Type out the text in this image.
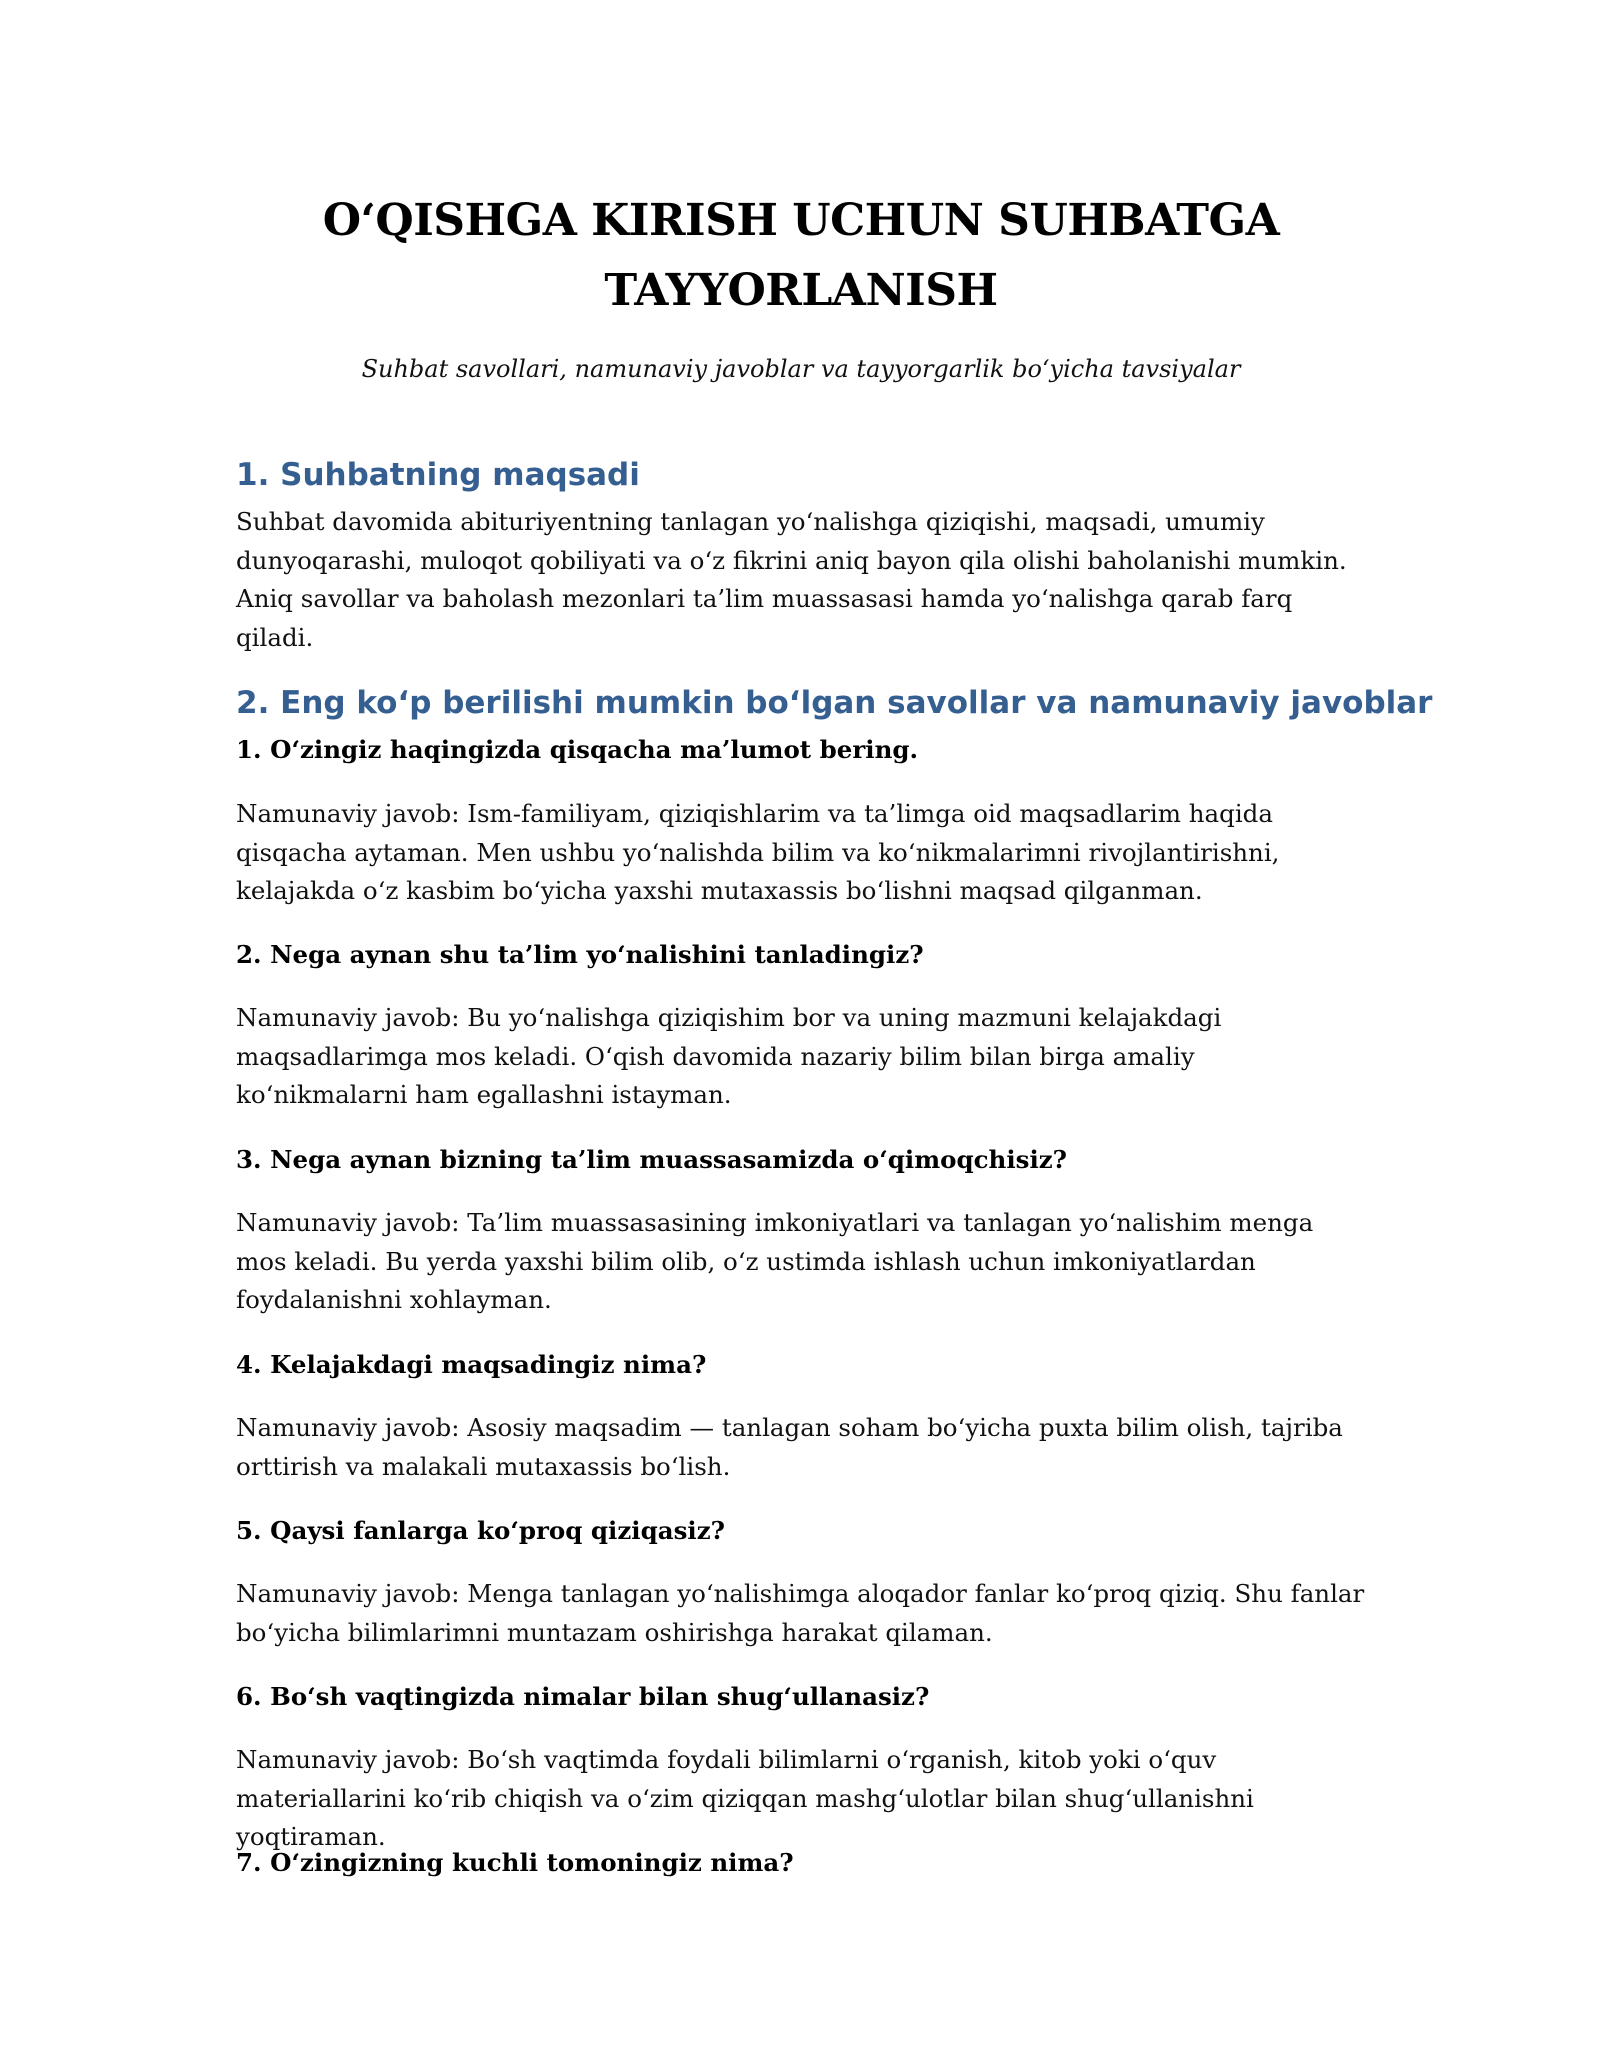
O‘QISHGA KIRISH UCHUN SUHBATGA
TAYYORLANISH

Suhbat savollari, namunaviy javoblar va tayyorgarlik bo‘yicha tavsiyalar

1. Suhbatning maqsadi

Suhbat davomida abituriyentning tanlagan yo‘nalishga qiziqishi, maqsadi, umumiy dunyoqarashi, muloqot qobiliyati va o‘z fikrini aniq bayon qila olishi baholanishi mumkin. Aniq savollar va baholash mezonlari ta’lim muassasasi hamda yo‘nalishga qarab farq qiladi.

2. Eng ko‘p berilishi mumkin bo‘lgan savollar va namunaviy javoblar

1. O‘zingiz haqingizda qisqacha ma’lumot bering.

Namunaviy javob: Ism-familiyam, qiziqishlarim va ta’limga oid maqsadlarim haqida qisqacha aytaman. Men ushbu yo‘nalishda bilim va ko‘nikmalarimni rivojlantirishni, kelajakda o‘z kasbim bo‘yicha yaxshi mutaxassis bo‘lishni maqsad qilganman.

2. Nega aynan shu ta’lim yo‘nalishini tanladingiz?

Namunaviy javob: Bu yo‘nalishga qiziqishim bor va uning mazmuni kelajakdagi maqsadlarimga mos keladi. O‘qish davomida nazariy bilim bilan birga amaliy ko‘nikmalarni ham egallashni istayman.

3. Nega aynan bizning ta’lim muassasamizda o‘qimoqchisiz?

Namunaviy javob: Ta’lim muassasasining imkoniyatlari va tanlagan yo‘nalishim menga mos keladi. Bu yerda yaxshi bilim olib, o‘z ustimda ishlash uchun imkoniyatlardan foydalanishni xohlayman.

4. Kelajakdagi maqsadingiz nima?

Namunaviy javob: Asosiy maqsadim — tanlagan soham bo‘yicha puxta bilim olish, tajriba orttirish va malakali mutaxassis bo‘lish.

5. Qaysi fanlarga ko‘proq qiziqasiz?

Namunaviy javob: Menga tanlagan yo‘nalishimga aloqador fanlar ko‘proq qiziq. Shu fanlar bo‘yicha bilimlarimni muntazam oshirishga harakat qilaman.

6. Bo‘sh vaqtingizda nimalar bilan shug‘ullanasiz?

Namunaviy javob: Bo‘sh vaqtimda foydali bilimlarni o‘rganish, kitob yoki o‘quv materiallarini ko‘rib chiqish va o‘zim qiziqqan mashg‘ulotlar bilan shug‘ullanishni yoqtiraman.

7. O‘zingizning kuchli tomoningiz nima?
